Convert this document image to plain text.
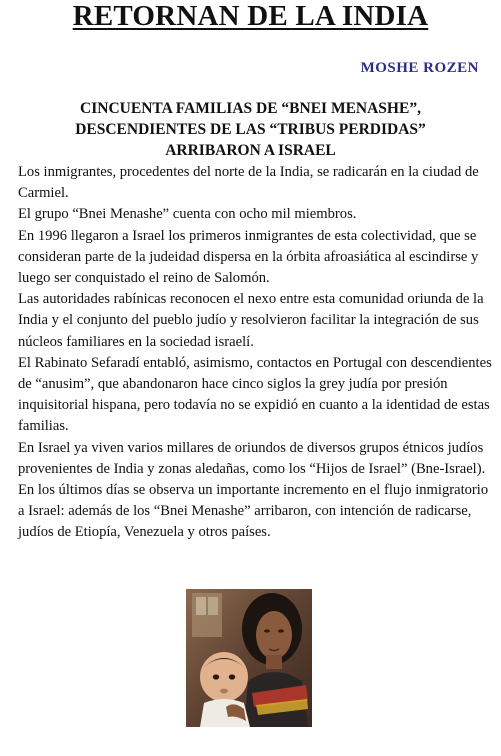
RETORNAN DE LA INDIA
MOSHE ROZEN
CINCUENTA FAMILIAS DE “BNEI MENASHE”,
DESCENDIENTES DE LAS “TRIBUS PERDIDAS”
ARRIBARON A ISRAEL

Los inmigrantes, procedentes del norte de la India, se radicarán en la ciudad de Carmiel.

El grupo “Bnei Menashe” cuenta con ocho mil miembros.

En 1996 llegaron a Israel los primeros inmigrantes de esta colectividad, que se consideran parte de la judeidad dispersa en la órbita afroasiática al escindirse y luego ser conquistado el reino de Salomón.

Las autoridades rabínicas reconocen el nexo entre esta comunidad oriunda de la India y el conjunto del pueblo judío y resolvieron facilitar la integración de sus núcleos familiares en la sociedad israelí.

El Rabinato Sefaradí entabló, asimismo, contactos en Portugal con descendientes de “anusim”, que abandonaron hace cinco siglos la grey judía por presión inquisitorial hispana, pero todavía no se expidió en cuanto a la identidad de estas familias.

En Israel ya viven varios millares de oriundos de diversos grupos étnicos judíos provenientes de India y zonas aledañas, como los “Hijos de Israel” (Bne-Israel).

En los últimos días se observa un importante incremento en el flujo inmigratorio a Israel: además de los “Bnei Menashe” arribaron, con intención de radicarse, judíos de Etiopía, Venezuela y otros países.
